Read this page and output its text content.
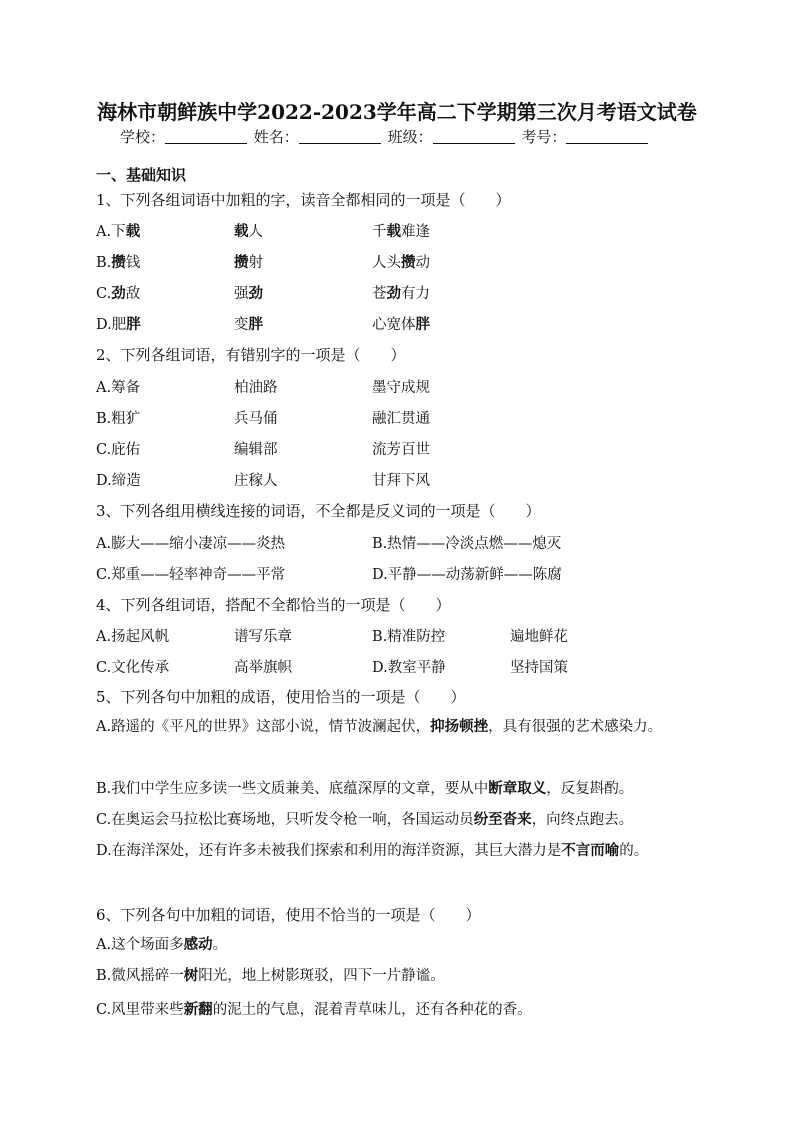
海林市朝鲜族中学2022-2023学年高二下学期第三次月考语文试卷
学校：	姓名：	班级：	考号：
一、基础知识
1、下列各组词语中加粗的字，读音全都相同的一项是（　　）
A.下载	载人	千载难逢
B.攒钱	攒射	人头攒动
C.劲敌	强劲	苍劲有力
D.肥胖	变胖	心宽体胖
2、下列各组词语，有错别字的一项是（　　）
A.筹备	柏油路	墨守成规
B.粗犷	兵马俑	融汇贯通
C.庇佑	编辑部	流芳百世
D.缔造	庄稼人	甘拜下风
3、下列各组用横线连接的词语，不全都是反义词的一项是（　　）
A.膨大——缩小凄凉——炎热	B.热情——冷淡点燃——熄灭
C.郑重——轻率神奇——平常	D.平静——动荡新鲜——陈腐
4、下列各组词语，搭配不全都恰当的一项是（　　）
A.扬起风帆	谱写乐章	B.精准防控	遍地鲜花
C.文化传承	高举旗帜	D.教室平静	坚持国策
5、下列各句中加粗的成语，使用恰当的一项是（　　）
A.路遥的《平凡的世界》这部小说，情节波澜起伏，抑扬顿挫，具有很强的艺术感染力。
B.我们中学生应多读一些文质兼美、底蕴深厚的文章，要从中断章取义，反复斟酌。
C.在奥运会马拉松比赛场地，只听发令枪一响，各国运动员纷至沓来，向终点跑去。
D.在海洋深处，还有许多未被我们探索和利用的海洋资源，其巨大潜力是不言而喻的。
6、下列各句中加粗的词语，使用不恰当的一项是（　　）
A.这个场面多感动。
B.微风摇碎一树阳光，地上树影斑驳，四下一片静谧。
C.风里带来些新翻的泥土的气息，混着青草味儿，还有各种花的香。
